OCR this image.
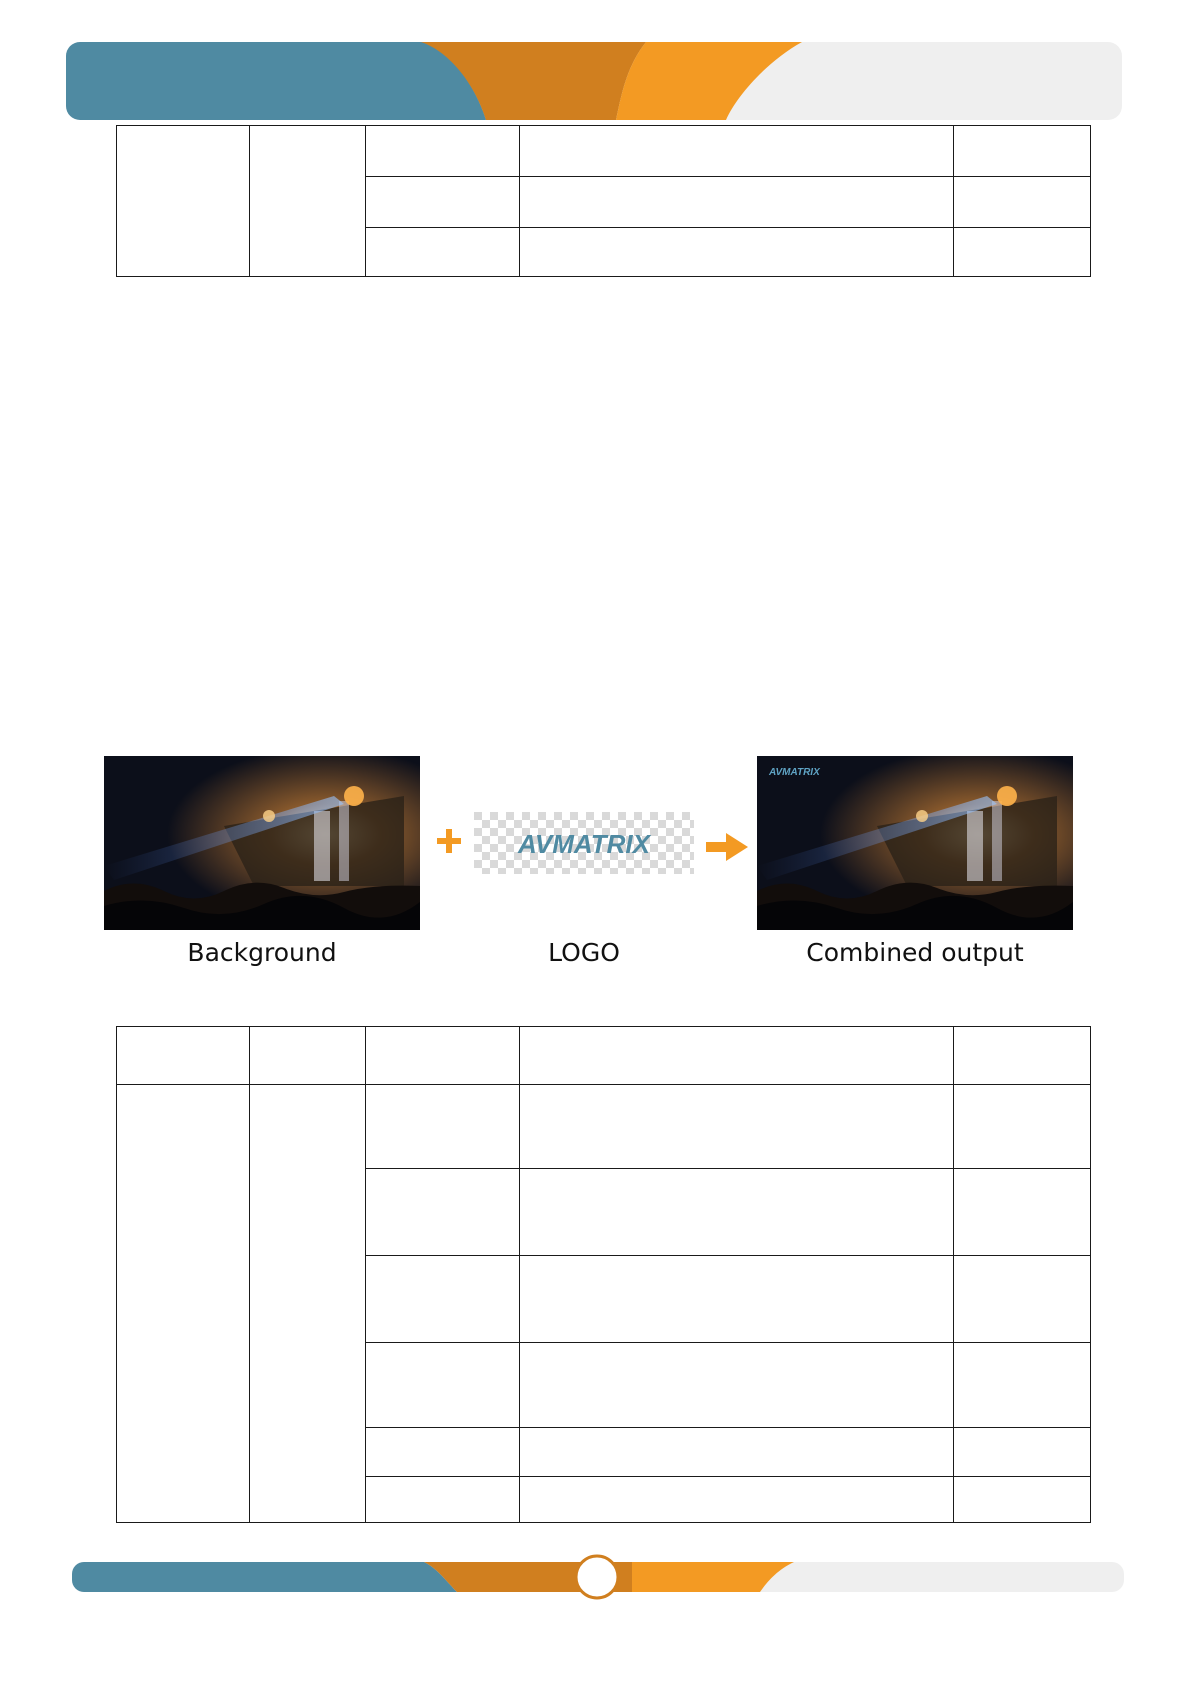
AVMATRIX
AVMATRIX
Background	LOGO	Combined output
